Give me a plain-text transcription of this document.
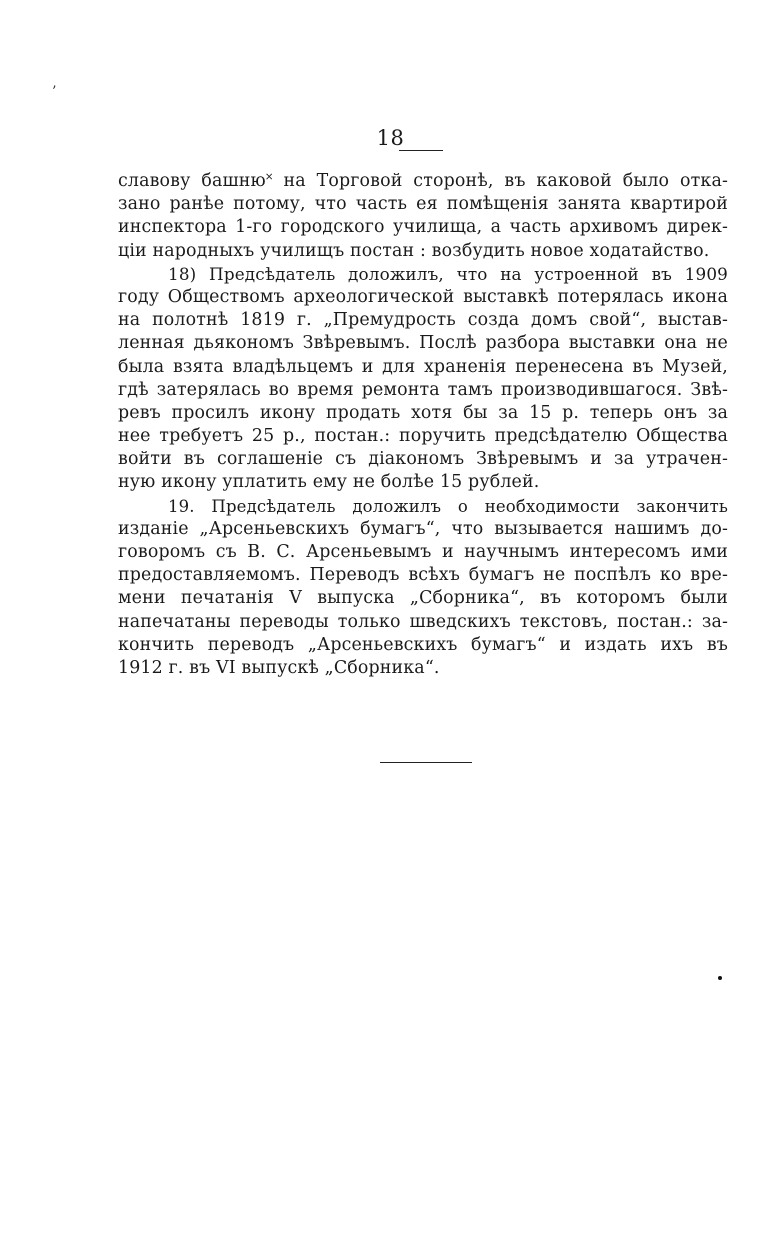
’
18
славову башню˟ на Торговой сторонѣ, въ каковой было отка-
зано ранѣе потому, что часть ея помѣщенія занята квартирой
инспектора 1-го городского училища, а часть архивомъ дирек-
ціи народныхъ училищъ постан : возбудить новое ходатайство.
18) Предсѣдатель доложилъ, что на устроенной въ 1909
году Обществомъ археологической выставкѣ потерялась икона
на полотнѣ 1819 г. „Премудрость созда домъ свой“, выстав-
ленная дьякономъ Звѣревымъ. Послѣ разбора выставки она не
была взята владѣльцемъ и для храненія перенесена въ Музей,
гдѣ затерялась во время ремонта тамъ производившагося. Звѣ-
ревъ просилъ икону продать хотя бы за 15 р. теперь онъ за
нее требуетъ 25 р., постан.: поручить предсѣдателю Общества
войти въ соглашеніе съ діакономъ Звѣревымъ и за утрачен-
ную икону уплатить ему не болѣе 15 рублей.
19. Предсѣдатель доложилъ о необходимости закончить
изданіе „Арсеньевскихъ бумагъ“, что вызывается нашимъ до-
говоромъ съ В. С. Арсеньевымъ и научнымъ интересомъ ими
предоставляемомъ. Переводъ всѣхъ бумагъ не поспѣлъ ко вре-
мени печатанія V выпуска „Сборника“, въ которомъ были
напечатаны переводы только шведскихъ текстовъ, постан.: за-
кончить переводъ „Арсеньевскихъ бумагъ“ и издать ихъ въ
1912 г. въ VI выпускѣ „Сборника“.
